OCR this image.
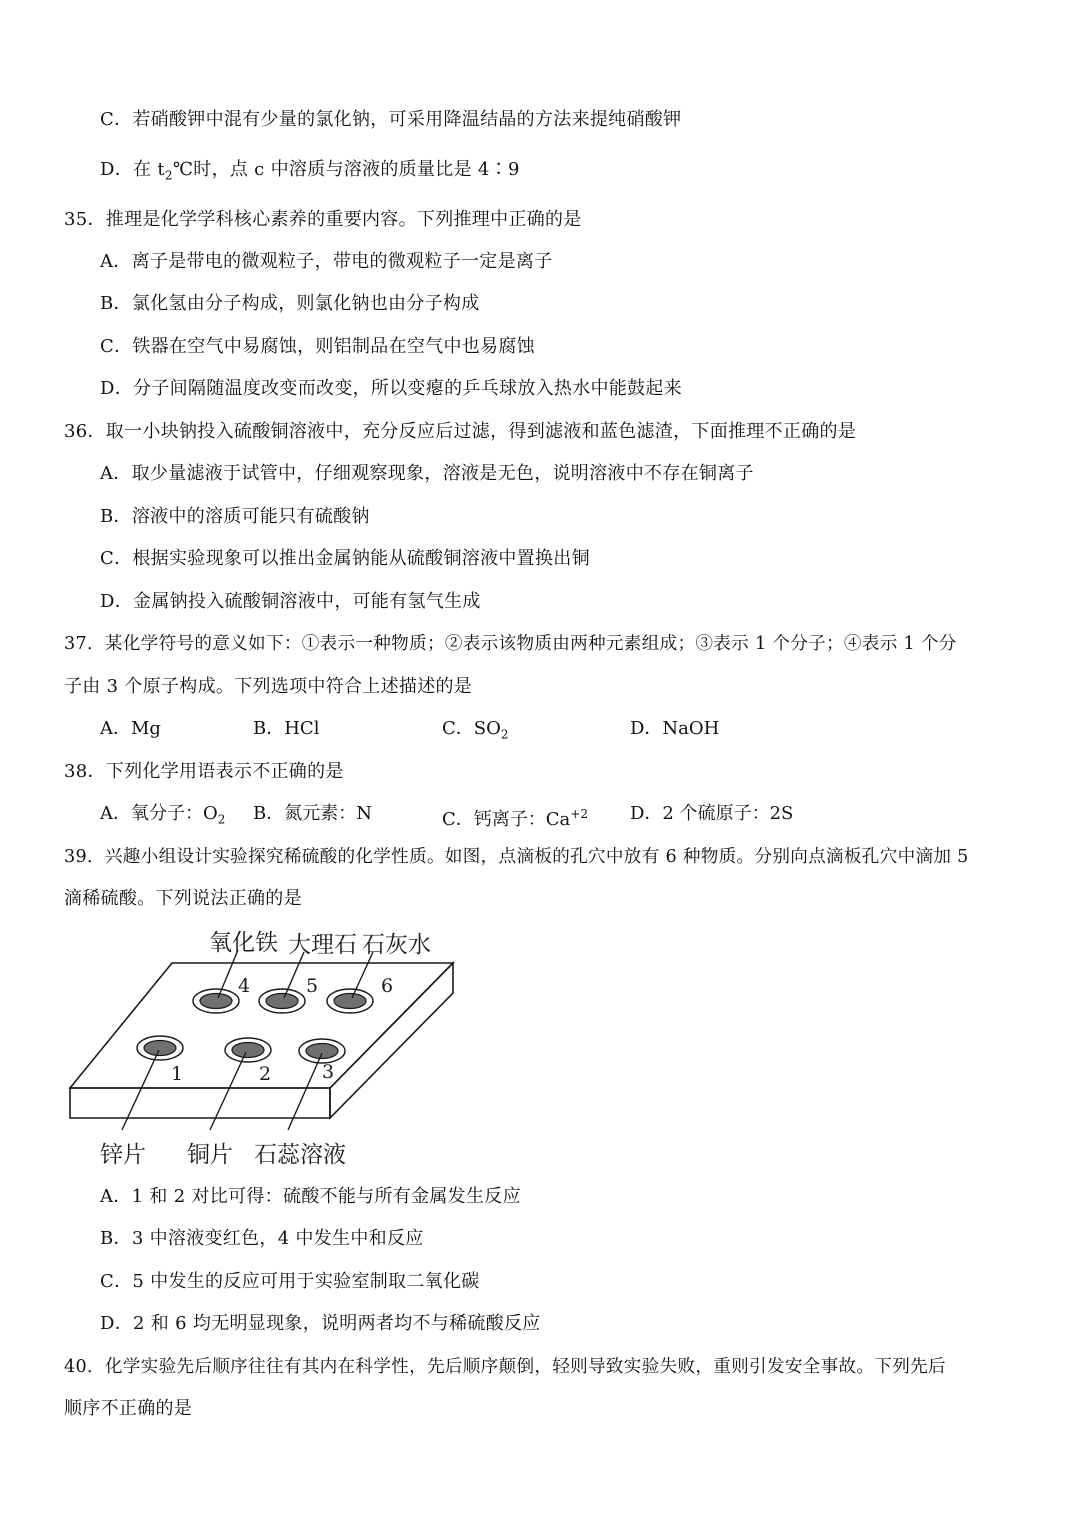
C．若硝酸钾中混有少量的氯化钠，可采用降温结晶的方法来提纯硝酸钾
D．在 $t_2℃$时，点 c 中溶质与溶液的质量比是 4∶9
35．推理是化学学科核心素养的重要内容。下列推理中正确的是
A．离子是带电的微观粒子，带电的微观粒子一定是离子
B．氯化氢由分子构成，则氯化钠也由分子构成
C．铁器在空气中易腐蚀，则铝制品在空气中也易腐蚀
D．分子间隔随温度改变而改变，所以变瘪的乒乓球放入热水中能鼓起来
36．取一小块钠投入硫酸铜溶液中，充分反应后过滤，得到滤液和蓝色滤渣，下面推理不正确的是
A．取少量滤液于试管中，仔细观察现象，溶液是无色，说明溶液中不存在铜离子
B．溶液中的溶质可能只有硫酸钠
C．根据实验现象可以推出金属钠能从硫酸铜溶液中置换出铜
D．金属钠投入硫酸铜溶液中，可能有氢气生成
37．某化学符号的意义如下：①表示一种物质；②表示该物质由两种元素组成；③表示 1 个分子；④表示 1 个分
子由 3 个原子构成。下列选项中符合上述描述的是
A．Mg	B．HCl	C．$SO_2$	D．NaOH
38．下列化学用语表示不正确的是
A．氧分子：$O_2$ B．氮元素：N	C．钙离子：$Ca^{+2}$ D．2 个硫原子：2S
39．兴趣小组设计实验探究稀硫酸的化学性质。如图，点滴板的孔穴中放有 6 种物质。分别向点滴板孔穴中滴加 5
滴稀硫酸。下列说法正确的是
氧化铁 大理石 石灰水
锌片 铜片 石蕊溶液
4	5	6
1	2	3
A．1 和 2 对比可得：硫酸不能与所有金属发生反应
B．3 中溶液变红色，4 中发生中和反应
C．5 中发生的反应可用于实验室制取二氧化碳
D．2 和 6 均无明显现象，说明两者均不与稀硫酸反应
40．化学实验先后顺序往往有其内在科学性，先后顺序颠倒，轻则导致实验失败，重则引发安全事故。下列先后
顺序不正确的是
